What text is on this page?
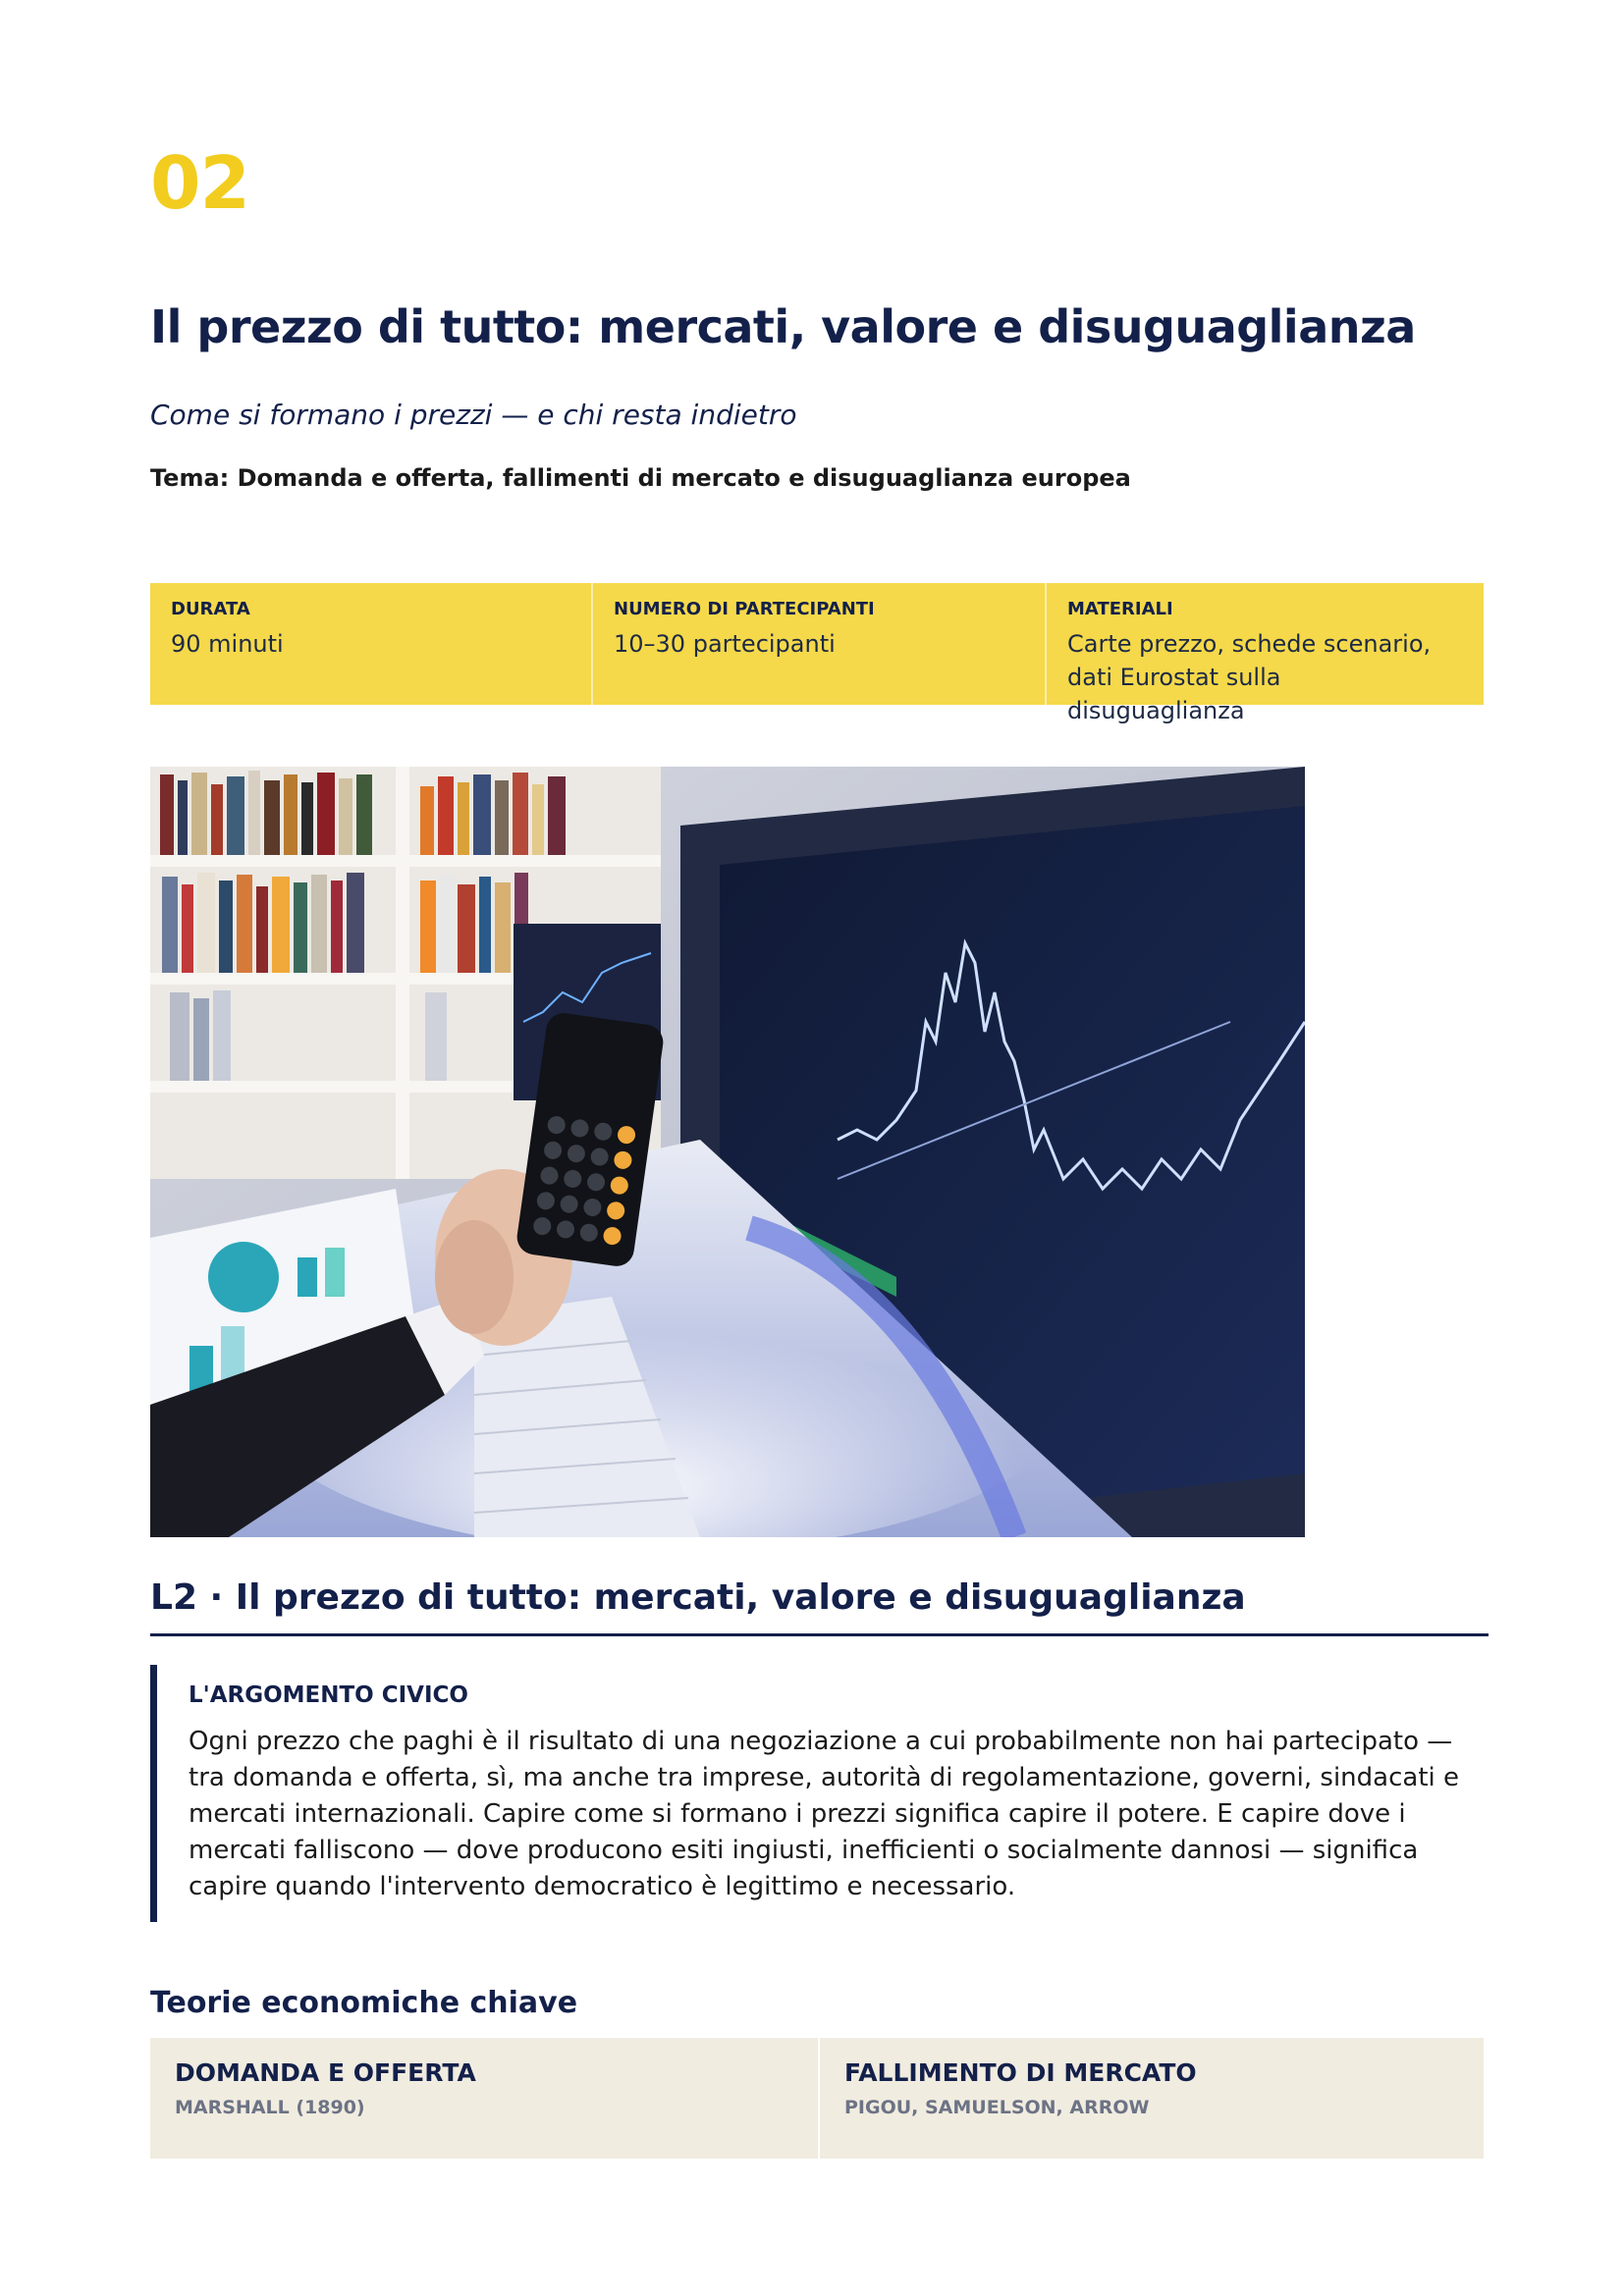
02
Il prezzo di tutto: mercati, valore e disuguaglianza
Come si formano i prezzi — e chi resta indietro
Tema: Domanda e offerta, fallimenti di mercato e disuguaglianza europea
DURATA
90 minuti
NUMERO DI PARTECIPANTI
10–30 partecipanti
MATERIALI
Carte prezzo, schede scenario, dati Eurostat sulla disuguaglianza
L2 · Il prezzo di tutto: mercati, valore e disuguaglianza
L'ARGOMENTO CIVICO
Ogni prezzo che paghi è il risultato di una negoziazione a cui probabilmente non hai partecipato — tra domanda e offerta, sì, ma anche tra imprese, autorità di regolamentazione, governi, sindacati e mercati internazionali. Capire come si formano i prezzi significa capire il potere. E capire dove i mercati falliscono — dove producono esiti ingiusti, inefficienti o socialmente dannosi — significa capire quando l'intervento democratico è legittimo e necessario.
Teorie economiche chiave
DOMANDA E OFFERTA
MARSHALL (1890)
FALLIMENTO DI MERCATO
PIGOU, SAMUELSON, ARROW
